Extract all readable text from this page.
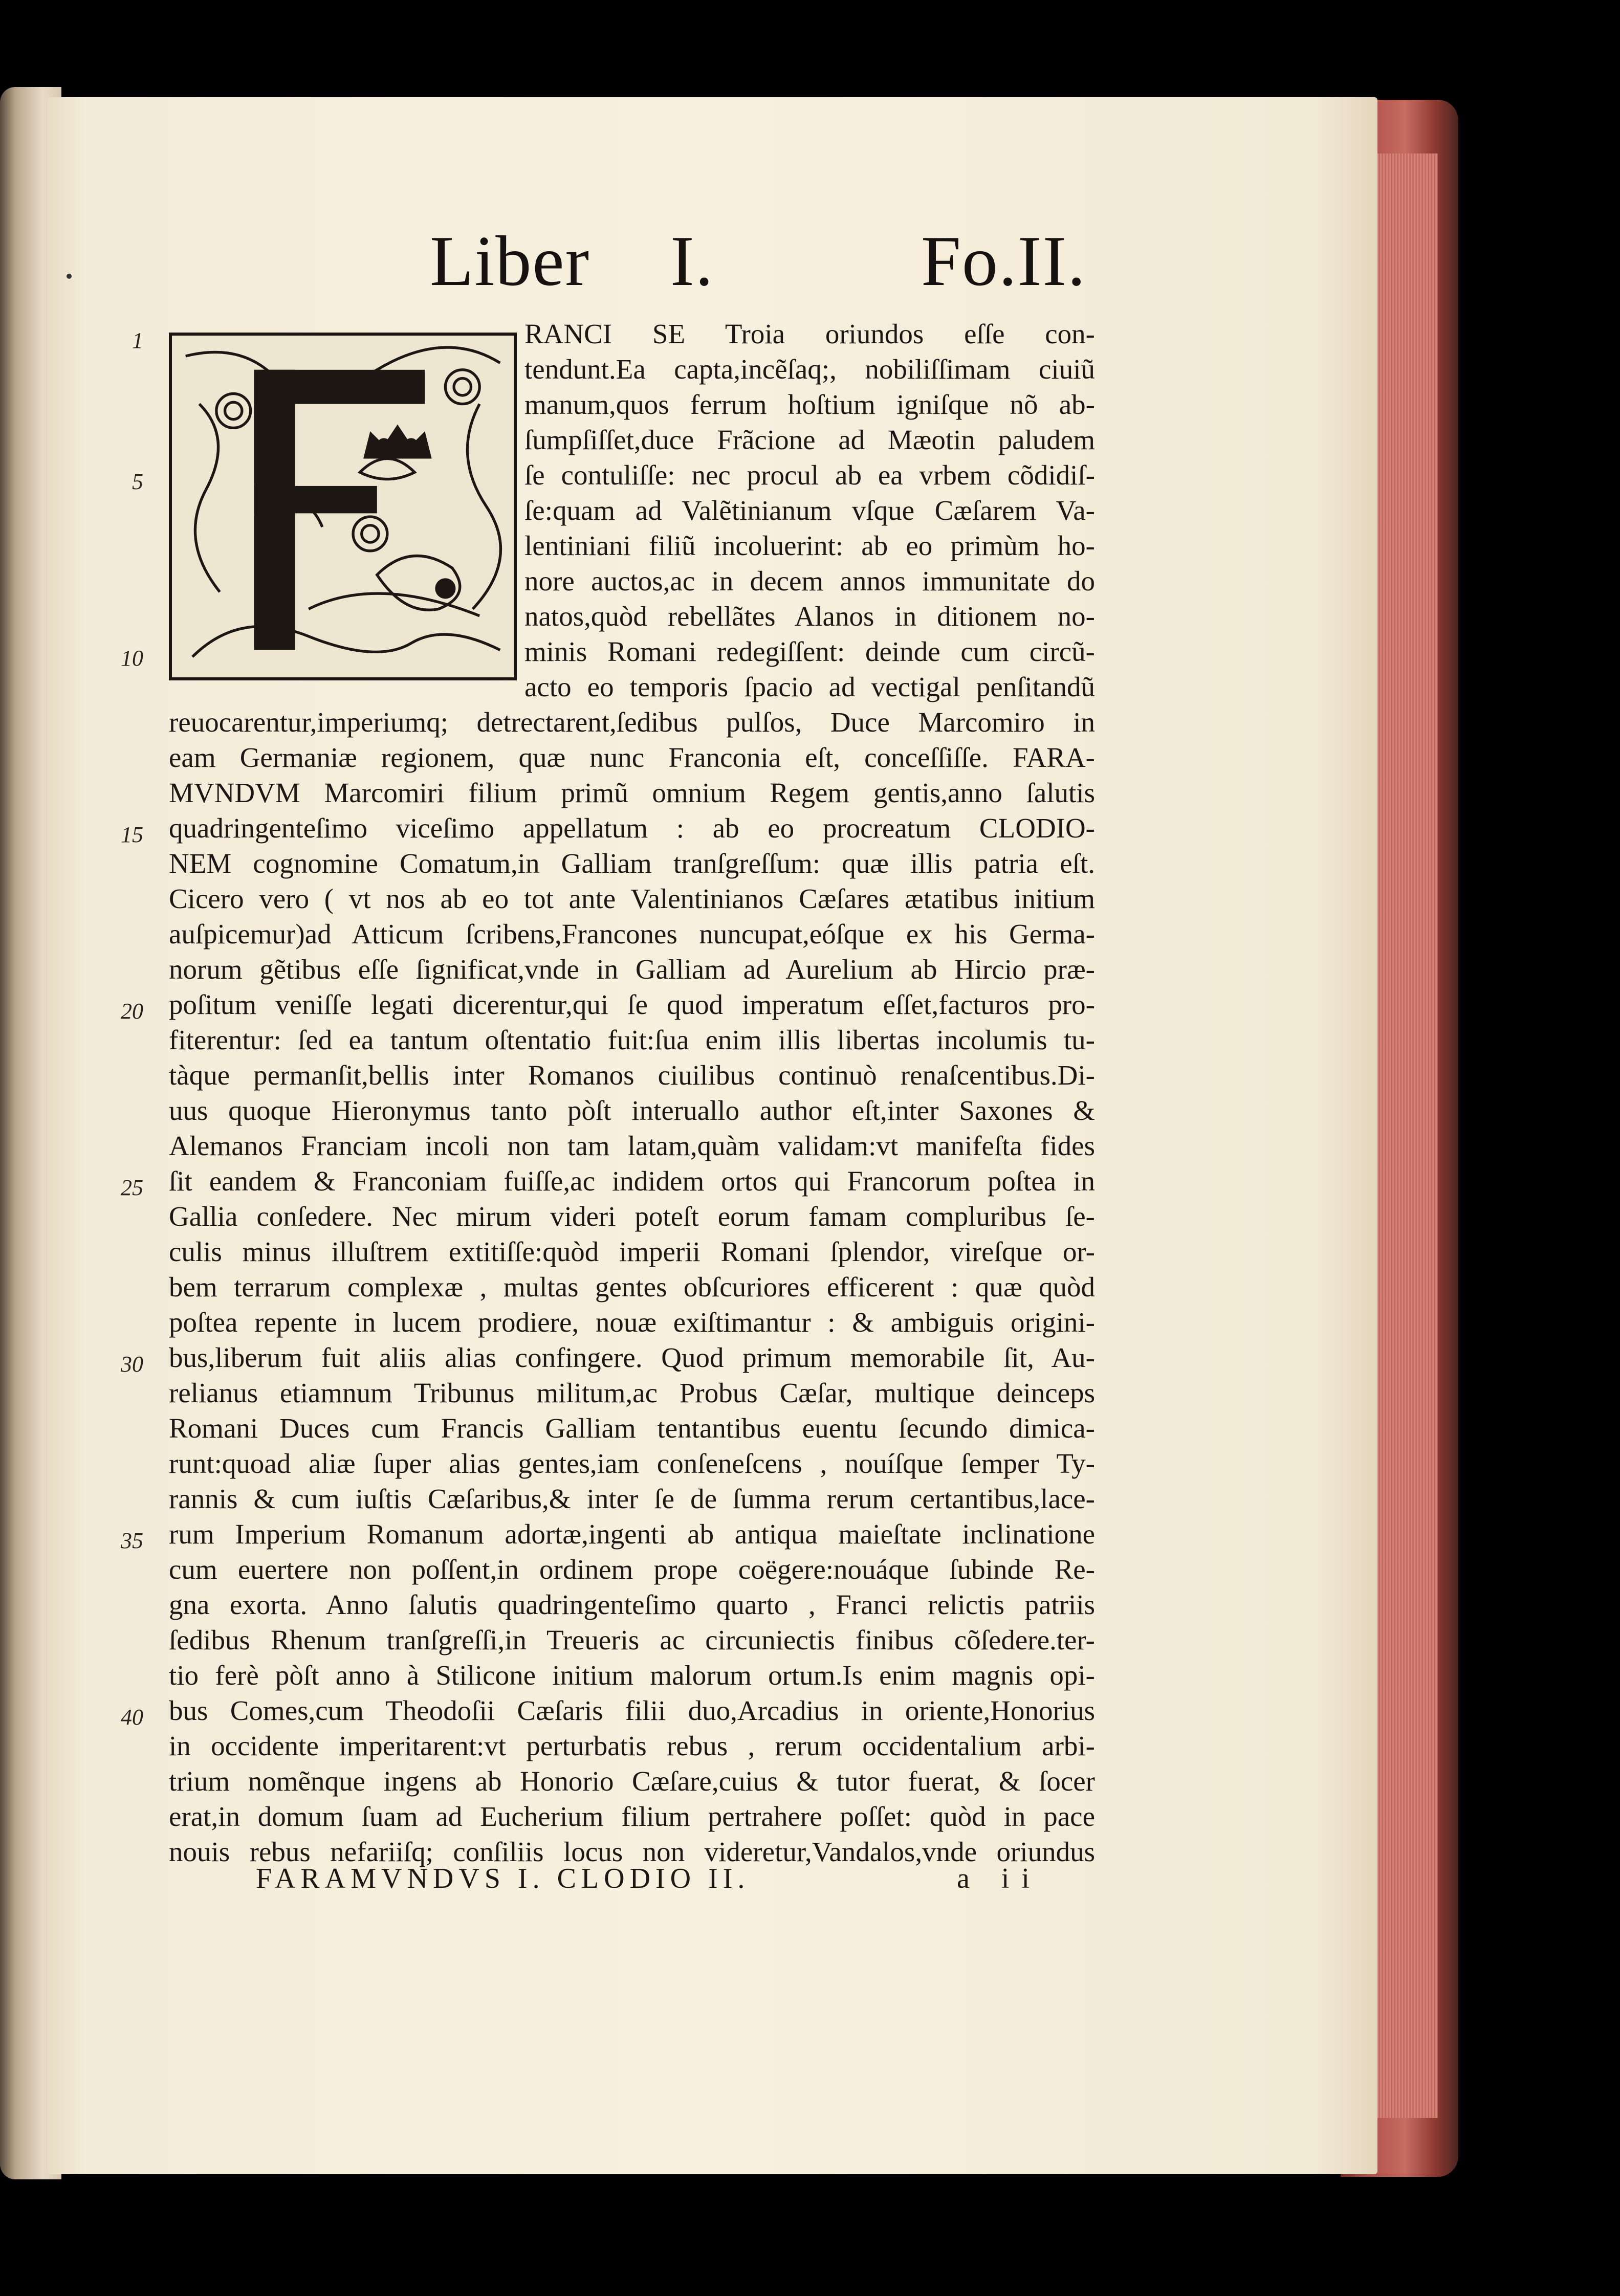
Liber I.	Fo.II.
RANCI SE Troia oriundos eſſe con-
tendunt.Ea capta,incẽſaq;, nobiliſſimam ciuiũ
manum,quos ferrum hoſtium igniſque nõ ab-
ſumpſiſſet,duce Frãcione ad Mæotin paludem
ſe contuliſſe: nec procul ab ea vrbem cõdidiſ-
ſe:quam ad Valẽtinianum vſque Cæſarem Va-
lentiniani filiũ incoluerint: ab eo primùm ho-
nore auctos,ac in decem annos immunitate do
natos,quòd rebellãtes Alanos in ditionem no-
minis Romani redegiſſent: deinde cum circũ-
acto eo temporis ſpacio ad vectigal penſitandũ
reuocarentur,imperiumq; detrectarent,ſedibus pulſos, Duce Marcomiro in
eam Germaniæ regionem, quæ nunc Franconia eſt, conceſſiſſe. FARA-
MVNDVM Marcomiri filium primũ omnium Regem gentis,anno ſalutis
quadringenteſimo viceſimo appellatum : ab eo procreatum CLODIO-
NEM cognomine Comatum,in Galliam tranſgreſſum: quæ illis patria eſt.
Cicero vero ( vt nos ab eo tot ante Valentinianos Cæſares ætatibus initium
auſpicemur)ad Atticum ſcribens,Francones nuncupat,eóſque ex his Germa-
norum gẽtibus eſſe ſignificat,vnde in Galliam ad Aurelium ab Hircio præ-
poſitum veniſſe legati dicerentur,qui ſe quod imperatum eſſet,facturos pro-
fiterentur: ſed ea tantum oſtentatio fuit:ſua enim illis libertas incolumis tu-
tàque permanſit,bellis inter Romanos ciuilibus continuò renaſcentibus.Di-
uus quoque Hieronymus tanto pòſt interuallo author eſt,inter Saxones &
Alemanos Franciam incoli non tam latam,quàm validam:vt manifeſta fides
ſit eandem & Franconiam fuiſſe,ac indidem ortos qui Francorum poſtea in
Gallia conſedere. Nec mirum videri poteſt eorum famam compluribus ſe-
culis minus illuſtrem extitiſſe:quòd imperii Romani ſplendor, vireſque or-
bem terrarum complexæ , multas gentes obſcuriores efficerent : quæ quòd
poſtea repente in lucem prodiere, nouæ exiſtimantur : & ambiguis origini-
bus,liberum fuit aliis alias confingere. Quod primum memorabile ſit, Au-
relianus etiamnum Tribunus militum,ac Probus Cæſar, multique deinceps
Romani Duces cum Francis Galliam tentantibus euentu ſecundo dimica-
runt:quoad aliæ ſuper alias gentes,iam conſeneſcens , nouíſque ſemper Ty-
rannis & cum iuſtis Cæſaribus,& inter ſe de ſumma rerum certantibus,lace-
rum Imperium Romanum adortæ,ingenti ab antiqua maieſtate inclinatione
cum euertere non poſſent,in ordinem prope coëgere:nouáque ſubinde Re-
gna exorta. Anno ſalutis quadringenteſimo quarto , Franci relictis patriis
ſedibus Rhenum tranſgreſſi,in Treueris ac circuniectis finibus cõſedere.ter-
tio ferè pòſt anno à Stilicone initium malorum ortum.Is enim magnis opi-
bus Comes,cum Theodoſii Cæſaris filii duo,Arcadius in oriente,Honorius
in occidente imperitarent:vt perturbatis rebus , rerum occidentalium arbi-
trium nomẽnque ingens ab Honorio Cæſare,cuius & tutor fuerat, & ſocer
erat,in domum ſuam ad Eucherium filium pertrahere poſſet: quòd in pace
nouis rebus nefariiſq; conſiliis locus non videretur,Vandalos,vnde oriundus
1
5
10
15
20
25
30
35
40
FARAMVNDVS I. CLODIO II.	a ii
